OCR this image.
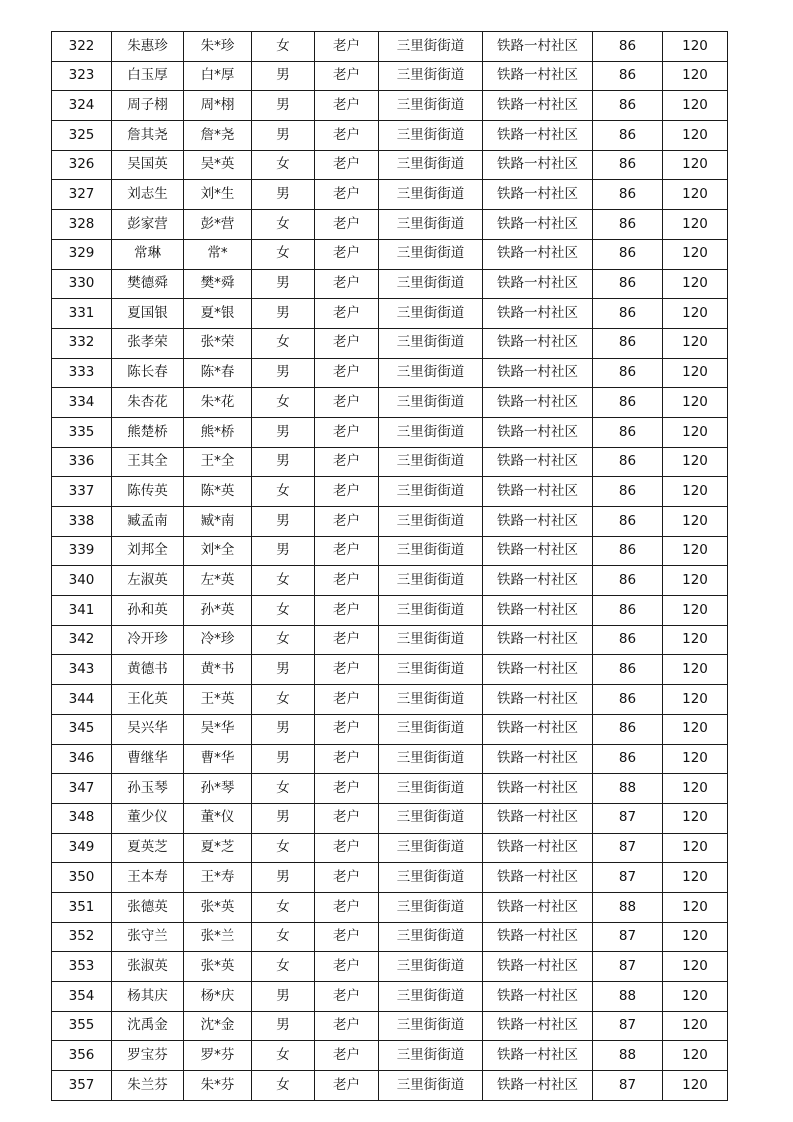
322	朱惠珍	朱*珍	女	老户	三里街街道	铁路一村社区	86	120
323	白玉厚	白*厚	男	老户	三里街街道	铁路一村社区	86	120
324	周子栩	周*栩	男	老户	三里街街道	铁路一村社区	86	120
325	詹其尧	詹*尧	男	老户	三里街街道	铁路一村社区	86	120
326	吴国英	吴*英	女	老户	三里街街道	铁路一村社区	86	120
327	刘志生	刘*生	男	老户	三里街街道	铁路一村社区	86	120
328	彭家营	彭*营	女	老户	三里街街道	铁路一村社区	86	120
329	常琳	常*	女	老户	三里街街道	铁路一村社区	86	120
330	樊德舜	樊*舜	男	老户	三里街街道	铁路一村社区	86	120
331	夏国银	夏*银	男	老户	三里街街道	铁路一村社区	86	120
332	张孝荣	张*荣	女	老户	三里街街道	铁路一村社区	86	120
333	陈长春	陈*春	男	老户	三里街街道	铁路一村社区	86	120
334	朱杏花	朱*花	女	老户	三里街街道	铁路一村社区	86	120
335	熊楚桥	熊*桥	男	老户	三里街街道	铁路一村社区	86	120
336	王其全	王*全	男	老户	三里街街道	铁路一村社区	86	120
337	陈传英	陈*英	女	老户	三里街街道	铁路一村社区	86	120
338	臧孟南	臧*南	男	老户	三里街街道	铁路一村社区	86	120
339	刘邦全	刘*全	男	老户	三里街街道	铁路一村社区	86	120
340	左淑英	左*英	女	老户	三里街街道	铁路一村社区	86	120
341	孙和英	孙*英	女	老户	三里街街道	铁路一村社区	86	120
342	冷开珍	冷*珍	女	老户	三里街街道	铁路一村社区	86	120
343	黄德书	黄*书	男	老户	三里街街道	铁路一村社区	86	120
344	王化英	王*英	女	老户	三里街街道	铁路一村社区	86	120
345	吴兴华	吴*华	男	老户	三里街街道	铁路一村社区	86	120
346	曹继华	曹*华	男	老户	三里街街道	铁路一村社区	86	120
347	孙玉琴	孙*琴	女	老户	三里街街道	铁路一村社区	88	120
348	董少仪	董*仪	男	老户	三里街街道	铁路一村社区	87	120
349	夏英芝	夏*芝	女	老户	三里街街道	铁路一村社区	87	120
350	王本寿	王*寿	男	老户	三里街街道	铁路一村社区	87	120
351	张德英	张*英	女	老户	三里街街道	铁路一村社区	88	120
352	张守兰	张*兰	女	老户	三里街街道	铁路一村社区	87	120
353	张淑英	张*英	女	老户	三里街街道	铁路一村社区	87	120
354	杨其庆	杨*庆	男	老户	三里街街道	铁路一村社区	88	120
355	沈禹金	沈*金	男	老户	三里街街道	铁路一村社区	87	120
356	罗宝芬	罗*芬	女	老户	三里街街道	铁路一村社区	88	120
357	朱兰芬	朱*芬	女	老户	三里街街道	铁路一村社区	87	120
